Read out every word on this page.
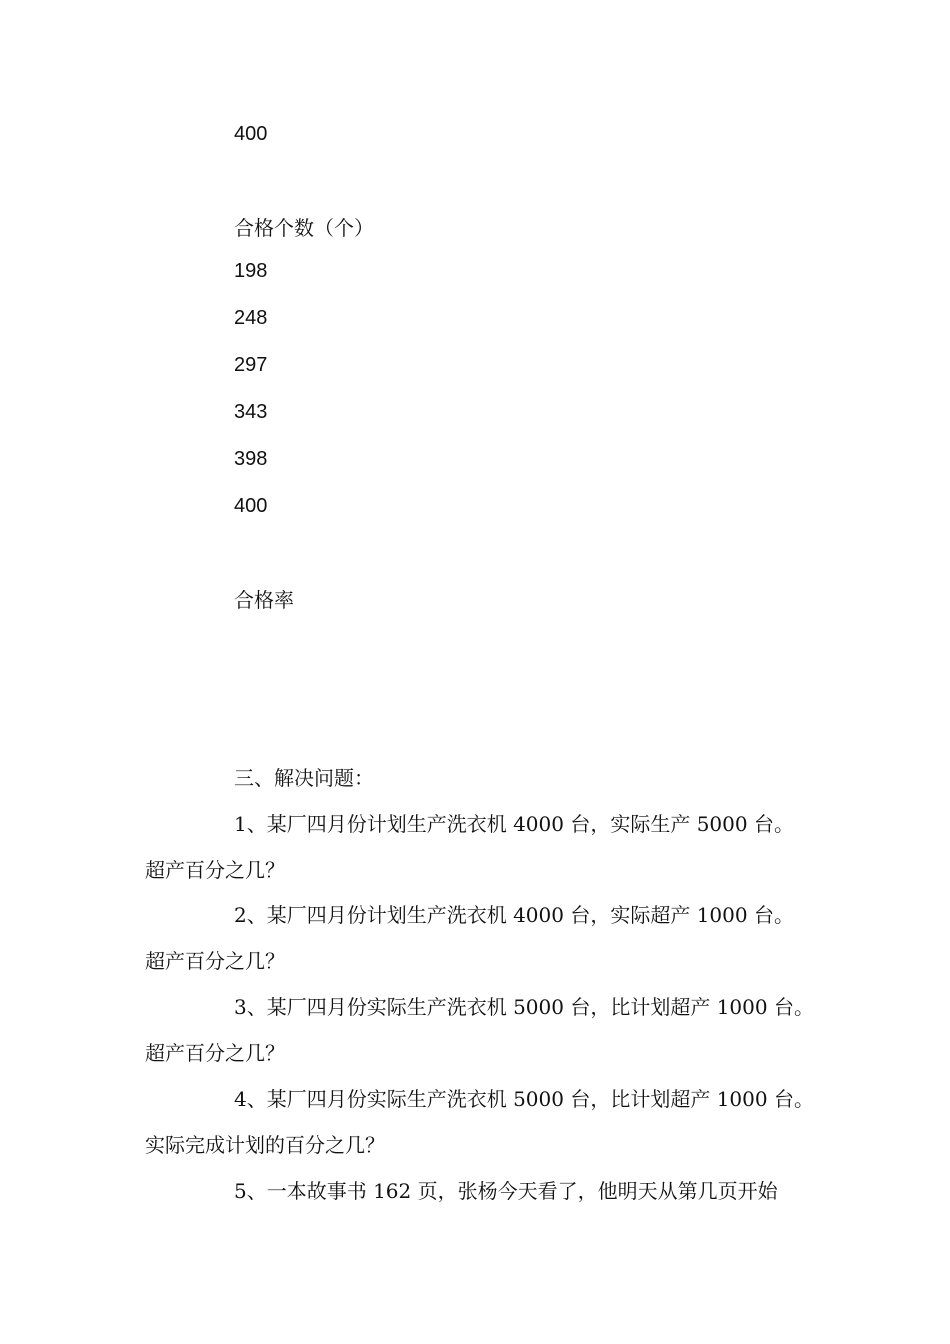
400
合格个数（个）
198
248
297
343
398
400
合格率
三、解决问题：
1、某厂四月份计划生产洗衣机 4000 台，实际生产 5000 台。
超产百分之几？
2、某厂四月份计划生产洗衣机 4000 台，实际超产 1000 台。
超产百分之几？
3、某厂四月份实际生产洗衣机 5000 台，比计划超产 1000 台。
超产百分之几？
4、某厂四月份实际生产洗衣机 5000 台，比计划超产 1000 台。
实际完成计划的百分之几？
5、一本故事书 162 页，张杨今天看了，他明天从第几页开始
